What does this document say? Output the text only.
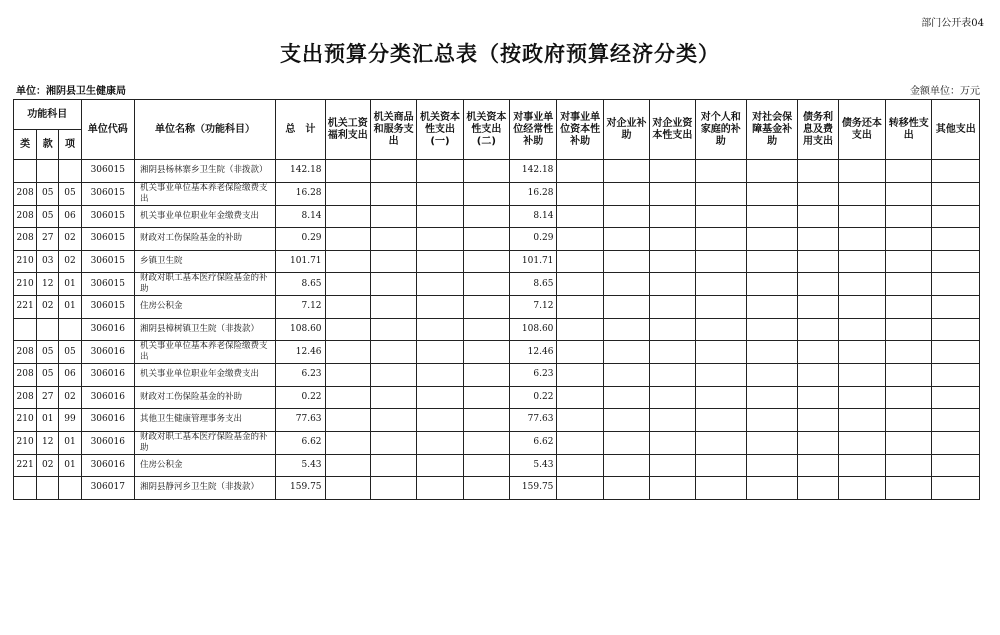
部门公开表04
支出预算分类汇总表（按政府预算经济分类）
单位：湘阴县卫生健康局	金额单位：万元
功能科目			单位代码	单位名称（功能科目）	总　计	机关工资福利支出	机关商品和服务支出	机关资本性支出(一)	机关资本性支出(二)	对事业单位经常性补助	对事业单位资本性补助	对企业补助	对企业资本性支出	对个人和家庭的补助	对社会保障基金补助	债务利息及费用支出	债务还本支出	转移性支出	其他支出
类	款	项																	
			306015	湘阴县杨林寨乡卫生院（非拨款）	142.18					142.18									
208	05	05	306015	机关事业单位基本养老保险缴费支出	16.28					16.28									
208	05	06	306015	机关事业单位职业年金缴费支出	8.14					8.14									
208	27	02	306015	财政对工伤保险基金的补助	0.29					0.29									
210	03	02	306015	乡镇卫生院	101.71					101.71									
210	12	01	306015	财政对职工基本医疗保险基金的补助	8.65					8.65									
221	02	01	306015	住房公积金	7.12					7.12									
			306016	湘阴县樟树镇卫生院（非拨款）	108.60					108.60									
208	05	05	306016	机关事业单位基本养老保险缴费支出	12.46					12.46									
208	05	06	306016	机关事业单位职业年金缴费支出	6.23					6.23									
208	27	02	306016	财政对工伤保险基金的补助	0.22					0.22									
210	01	99	306016	其他卫生健康管理事务支出	77.63					77.63									
210	12	01	306016	财政对职工基本医疗保险基金的补助	6.62					6.62									
221	02	01	306016	住房公积金	5.43					5.43									
			306017	湘阴县静河乡卫生院（非拨款）	159.75					159.75									
